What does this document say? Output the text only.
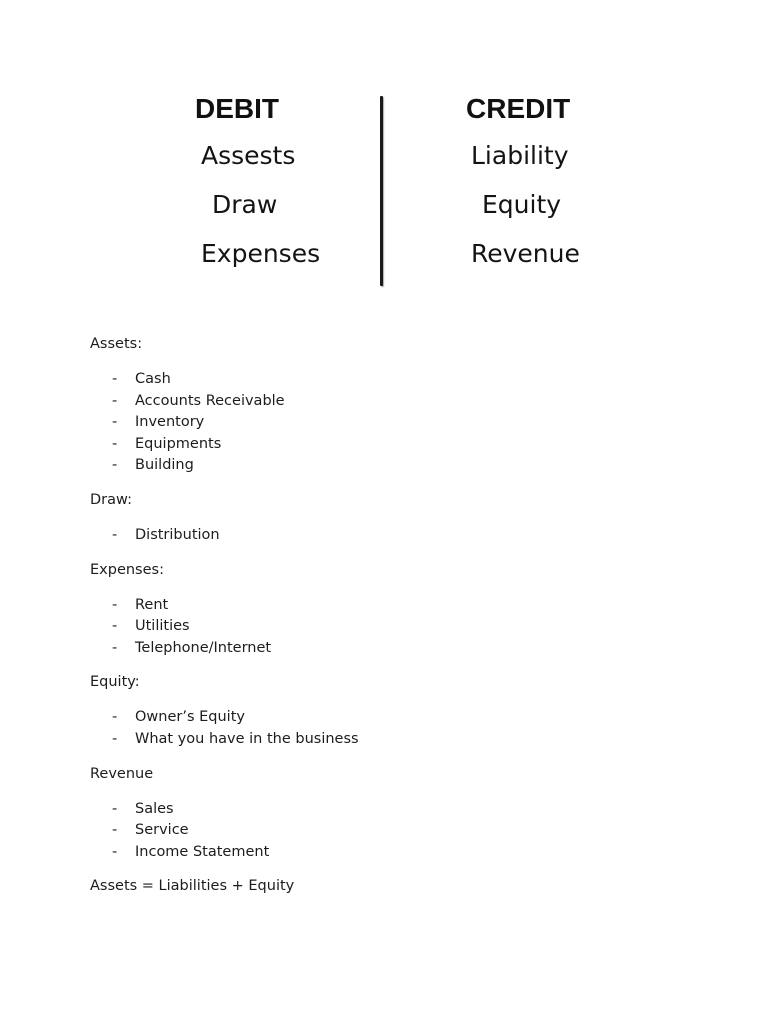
DEBIT	CREDIT
Assests
Draw
Expenses
Liability
Equity
Revenue
Assets:
- Cash
- Accounts Receivable
- Inventory
- Equipments
- Building
Draw:
- Distribution
Expenses:
- Rent
- Utilities
- Telephone/Internet
Equity:
- Owner’s Equity
- What you have in the business
Revenue
- Sales
- Service
- Income Statement
Assets = Liabilities + Equity
